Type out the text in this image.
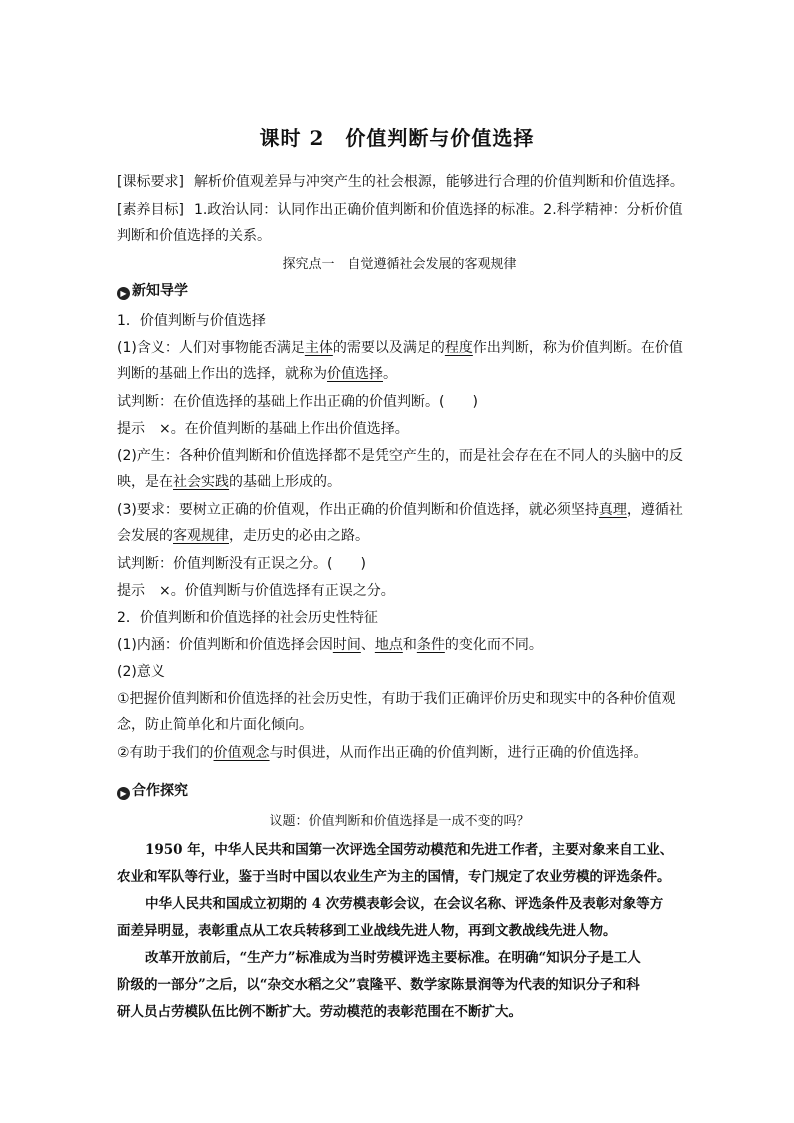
课时 2　价值判断与价值选择
[课标要求] 解析价值观差异与冲突产生的社会根源，能够进行合理的价值判断和价值选择。
[素养目标] 1.政治认同：认同作出正确价值判断和价值选择的标准。2.科学精神：分析价值
判断和价值选择的关系。
探究点一　自觉遵循社会发展的客观规律
▶ 新知导学
1．价值判断与价值选择
(1)含义：人们对事物能否满足主体的需要以及满足的程度作出判断，称为价值判断。在价值
判断的基础上作出的选择，就称为价值选择。
试判断：在价值选择的基础上作出正确的价值判断。(　　)
提示　×。在价值判断的基础上作出价值选择。
(2)产生：各种价值判断和价值选择都不是凭空产生的，而是社会存在在不同人的头脑中的反
映，是在社会实践的基础上形成的。
(3)要求：要树立正确的价值观，作出正确的价值判断和价值选择，就必须坚持真理，遵循社
会发展的客观规律，走历史的必由之路。
试判断：价值判断没有正误之分。(　　)
提示　×。价值判断与价值选择有正误之分。
2．价值判断和价值选择的社会历史性特征
(1)内涵：价值判断和价值选择会因时间、地点和条件的变化而不同。
(2)意义
①把握价值判断和价值选择的社会历史性，有助于我们正确评价历史和现实中的各种价值观
念，防止简单化和片面化倾向。
②有助于我们的价值观念与时俱进，从而作出正确的价值判断，进行正确的价值选择。
▶ 合作探究
议题：价值判断和价值选择是一成不变的吗？
1950 年，中华人民共和国第一次评选全国劳动模范和先进工作者，主要对象来自工业、
农业和军队等行业，鉴于当时中国以农业生产为主的国情，专门规定了农业劳模的评选条件。
中华人民共和国成立初期的 4 次劳模表彰会议，在会议名称、评选条件及表彰对象等方
面差异明显，表彰重点从工农兵转移到工业战线先进人物，再到文教战线先进人物。
改革开放前后，“生产力”标准成为当时劳模评选主要标准。在明确“知识分子是工人
阶级的一部分”之后，以“杂交水稻之父”袁隆平、数学家陈景润等为代表的知识分子和科
研人员占劳模队伍比例不断扩大。劳动模范的表彰范围在不断扩大。
